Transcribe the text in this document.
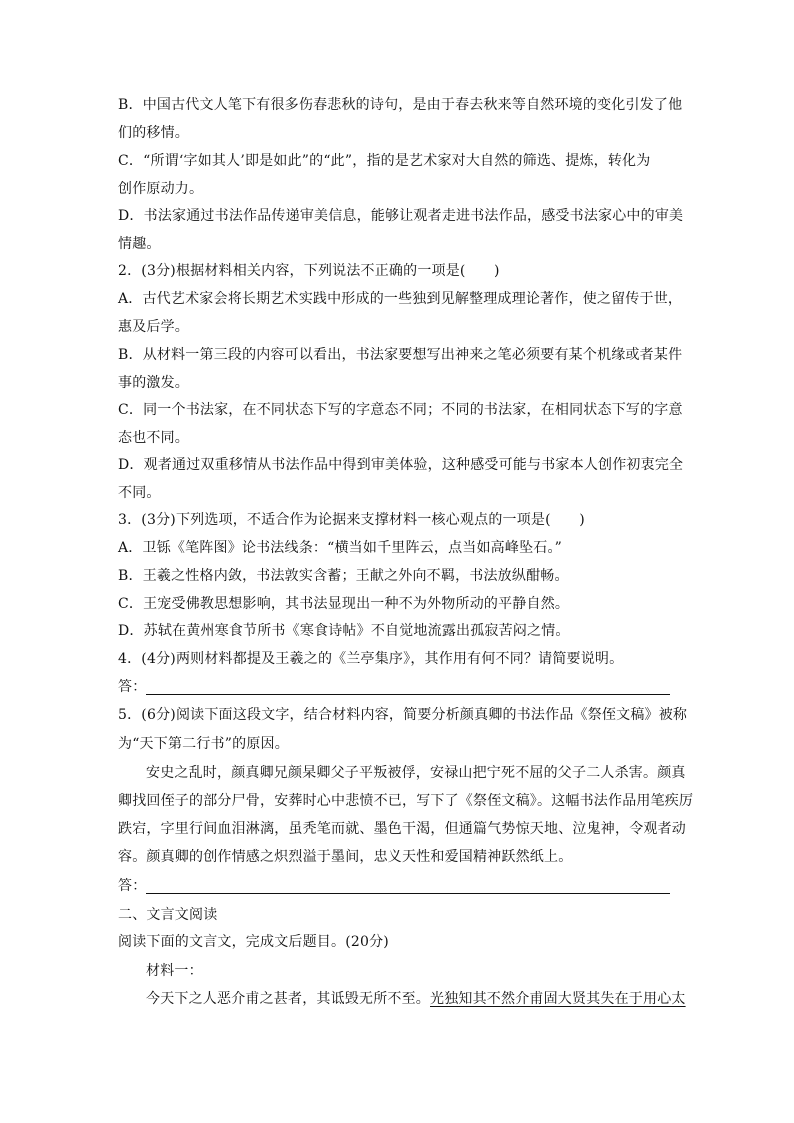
B．中国古代文人笔下有很多伤春悲秋的诗句，是由于春去秋来等自然环境的变化引发了他
们的移情。
C．“所谓‘字如其人’即是如此”的“此”，指的是艺术家对大自然的筛选、提炼，转化为
创作原动力。
D．书法家通过书法作品传递审美信息，能够让观者走进书法作品，感受书法家心中的审美
情趣。
2．(3分)根据材料相关内容，下列说法不正确的一项是(　　)
A．古代艺术家会将长期艺术实践中形成的一些独到见解整理成理论著作，使之留传于世，
惠及后学。
B．从材料一第三段的内容可以看出，书法家要想写出神来之笔必须要有某个机缘或者某件
事的激发。
C．同一个书法家，在不同状态下写的字意态不同；不同的书法家，在相同状态下写的字意
态也不同。
D．观者通过双重移情从书法作品中得到审美体验，这种感受可能与书家本人创作初衷完全
不同。
3．(3分)下列选项，不适合作为论据来支撑材料一核心观点的一项是(　　)
A．卫铄《笔阵图》论书法线条：“横当如千里阵云，点当如高峰坠石。”
B．王羲之性格内敛，书法敦实含蓄；王献之外向不羁，书法放纵酣畅。
C．王宠受佛教思想影响，其书法显现出一种不为外物所动的平静自然。
D．苏轼在黄州寒食节所书《寒食诗帖》不自觉地流露出孤寂苦闷之情。
4．(4分)两则材料都提及王羲之的《兰亭集序》，其作用有何不同？请简要说明。
答：
5．(6分)阅读下面这段文字，结合材料内容，简要分析颜真卿的书法作品《祭侄文稿》被称
为“天下第二行书”的原因。
安史之乱时，颜真卿兄颜杲卿父子平叛被俘，安禄山把宁死不屈的父子二人杀害。颜真
卿找回侄子的部分尸骨，安葬时心中悲愤不已，写下了《祭侄文稿》。这幅书法作品用笔疾厉
跌宕，字里行间血泪淋漓，虽秃笔而就、墨色干渴，但通篇气势惊天地、泣鬼神，令观者动
容。颜真卿的创作情感之炽烈溢于墨间，忠义天性和爱国精神跃然纸上。
答：
二、文言文阅读
阅读下面的文言文，完成文后题目。(20分)
材料一：
今天下之人恶介甫之甚者，其诋毁无所不至。光独知其不然介甫固大贤其失在于用心太
